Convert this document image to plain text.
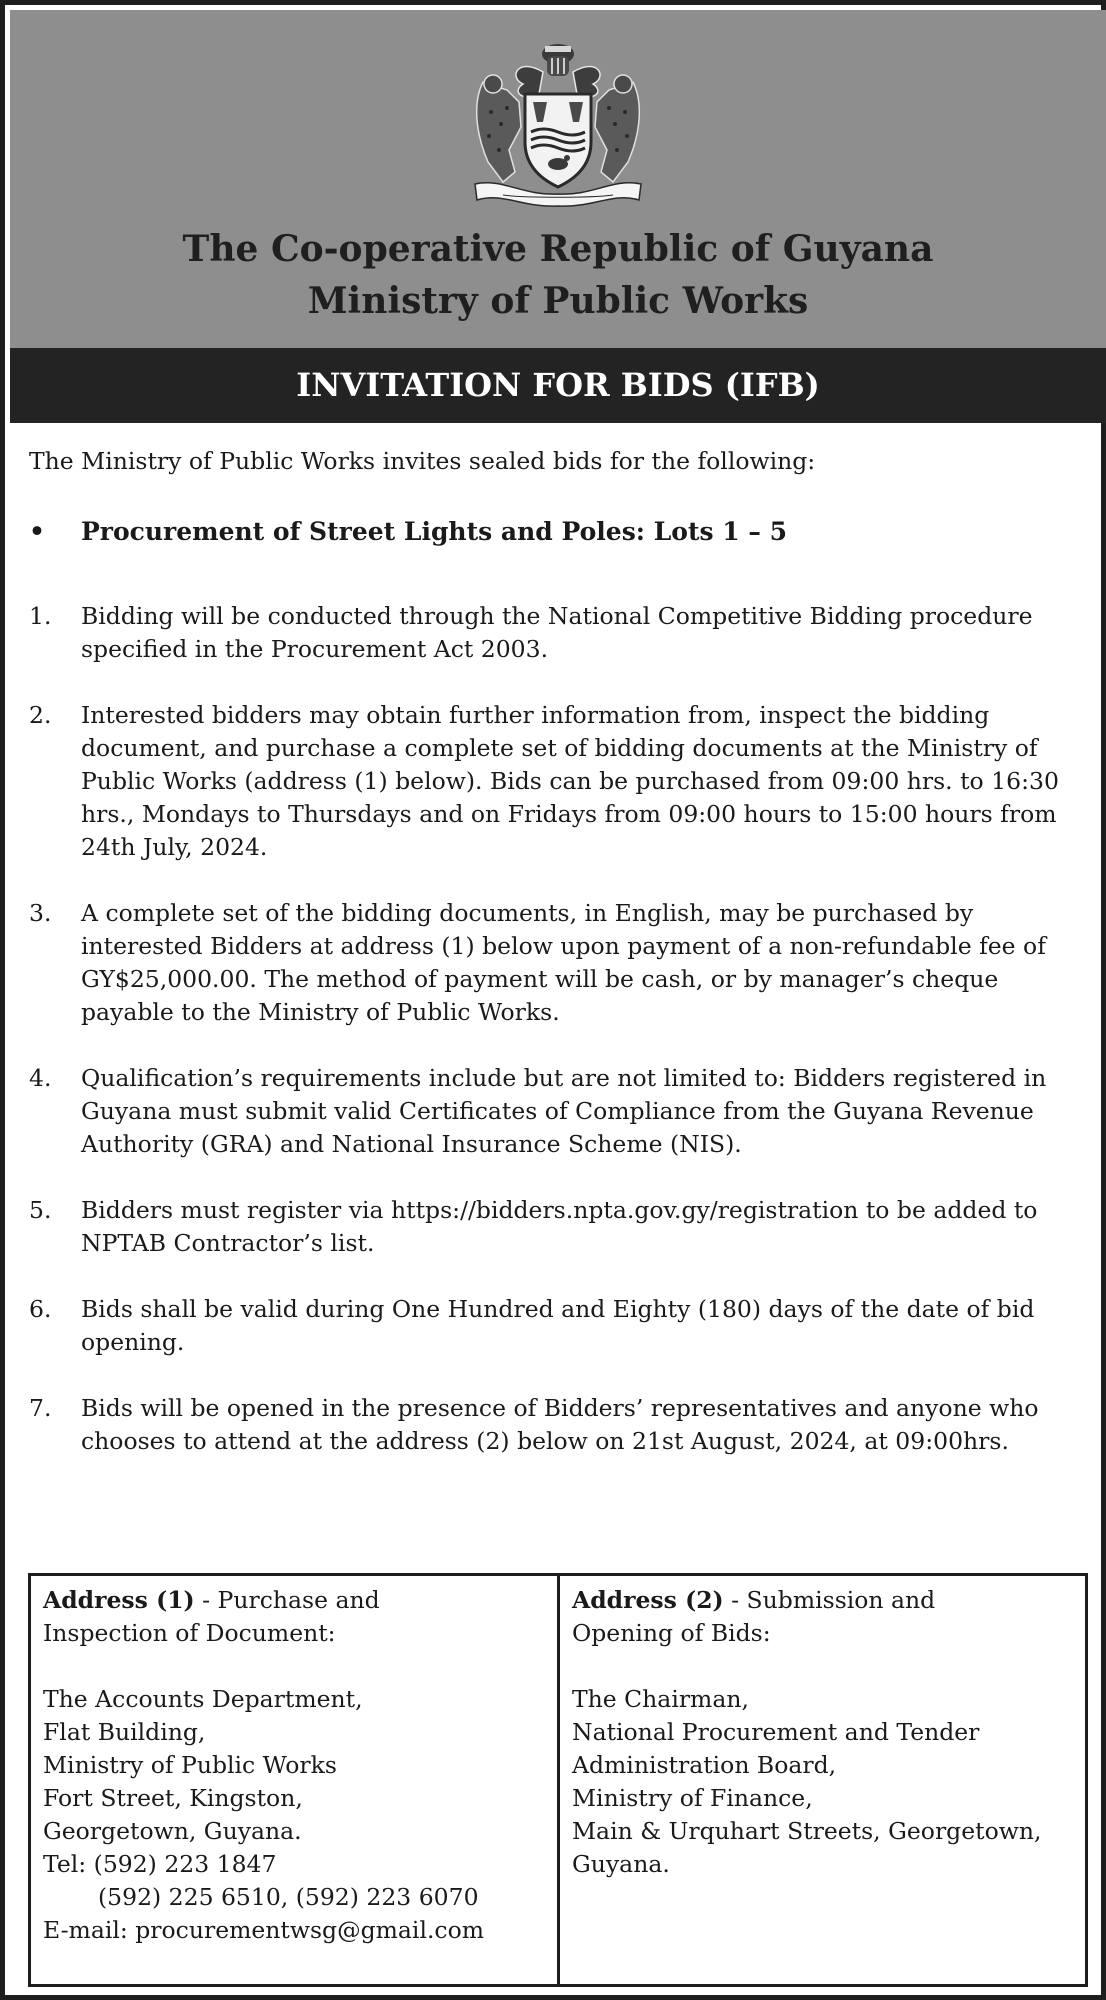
The Co-operative Republic of Guyana
Ministry of Public Works
INVITATION FOR BIDS (IFB)
The Ministry of Public Works invites sealed bids for the following:
• Procurement of Street Lights and Poles: Lots 1 – 5
1. Bidding will be conducted through the National Competitive Bidding procedure specified in the Procurement Act 2003.
2. Interested bidders may obtain further information from, inspect the bidding document, and purchase a complete set of bidding documents at the Ministry of Public Works (address (1) below). Bids can be purchased from 09:00 hrs. to 16:30 hrs., Mondays to Thursdays and on Fridays from 09:00 hours to 15:00 hours from 24th July, 2024.
3. A complete set of the bidding documents, in English, may be purchased by interested Bidders at address (1) below upon payment of a non-refundable fee of GY$25,000.00. The method of payment will be cash, or by manager’s cheque payable to the Ministry of Public Works.
4. Qualification’s requirements include but are not limited to: Bidders registered in Guyana must submit valid Certificates of Compliance from the Guyana Revenue Authority (GRA) and National Insurance Scheme (NIS).
5. Bidders must register via https://bidders.npta.gov.gy/registration to be added to NPTAB Contractor’s list.
6. Bids shall be valid during One Hundred and Eighty (180) days of the date of bid opening.
7. Bids will be opened in the presence of Bidders’ representatives and anyone who chooses to attend at the address (2) below on 21st August, 2024, at 09:00hrs.
Address (1) - Purchase and
Inspection of Document:
The Accounts Department,
Flat Building,
Ministry of Public Works
Fort Street, Kingston,
Georgetown, Guyana.
Tel: (592) 223 1847
(592) 225 6510, (592) 223 6070
E-mail: procurementwsg@gmail.com
Address (2) - Submission and
Opening of Bids:
The Chairman,
National Procurement and Tender
Administration Board,
Ministry of Finance,
Main & Urquhart Streets, Georgetown,
Guyana.
